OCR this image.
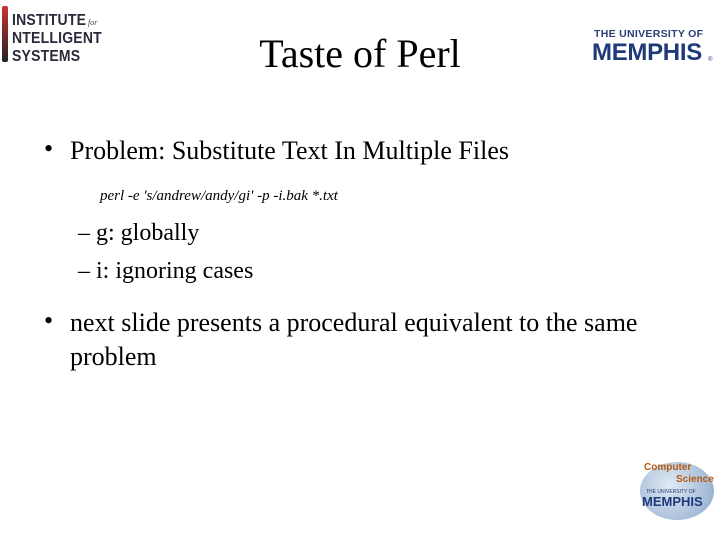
INSTITUTE for
NTELLIGENT
SYSTEMS	Taste of Perl	THE UNIVERSITY OF
MEMPHIS ®
• Problem: Substitute Text In Multiple Files
perl -e 's/andrew/andy/gi' -p -i.bak *.txt
– g: globally
– i: ignoring cases
• next slide presents a procedural equivalent to the same problem
Computer
Science
THE UNIVERSITY OF
MEMPHIS
